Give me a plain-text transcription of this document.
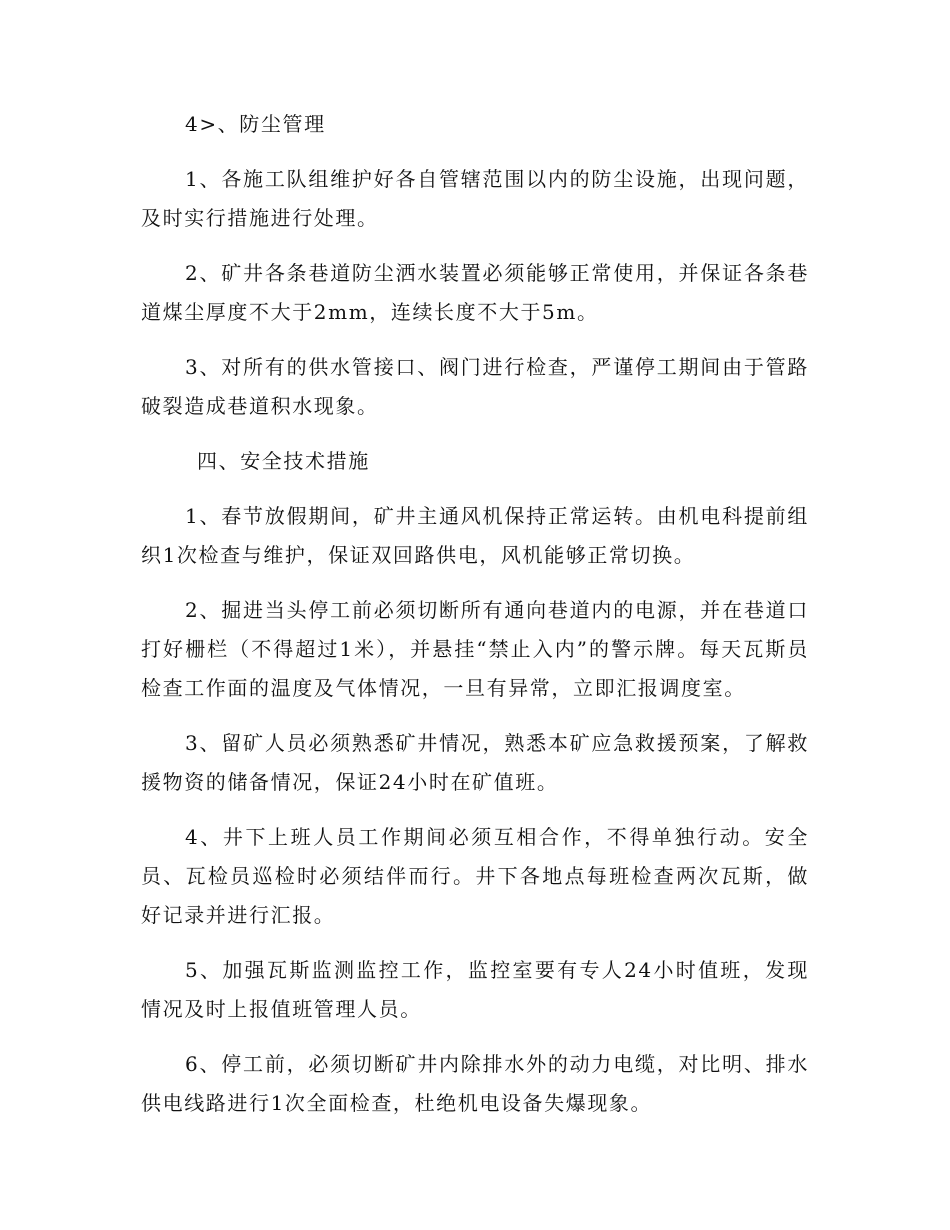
4>、防尘管理

1、各施工队组维护好各自管辖范围以内的防尘设施，出现问题，及时实行措施进行处理。

2、矿井各条巷道防尘洒水装置必须能够正常使用，并保证各条巷道煤尘厚度不大于2mm，连续长度不大于5m。

3、对所有的供水管接口、阀门进行检查，严谨停工期间由于管路破裂造成巷道积水现象。

四、安全技术措施

1、春节放假期间，矿井主通风机保持正常运转。由机电科提前组织1次检查与维护，保证双回路供电，风机能够正常切换。

2、掘进当头停工前必须切断所有通向巷道内的电源，并在巷道口打好栅栏（不得超过1米），并悬挂“禁止入内”的警示牌。每天瓦斯员检查工作面的温度及气体情况，一旦有异常，立即汇报调度室。

3、留矿人员必须熟悉矿井情况，熟悉本矿应急救援预案，了解救援物资的储备情况，保证24小时在矿值班。

4、井下上班人员工作期间必须互相合作，不得单独行动。安全员、瓦检员巡检时必须结伴而行。井下各地点每班检查两次瓦斯，做好记录并进行汇报。

5、加强瓦斯监测监控工作，监控室要有专人24小时值班，发现情况及时上报值班管理人员。

6、停工前，必须切断矿井内除排水外的动力电缆，对比明、排水供电线路进行1次全面检查，杜绝机电设备失爆现象。
